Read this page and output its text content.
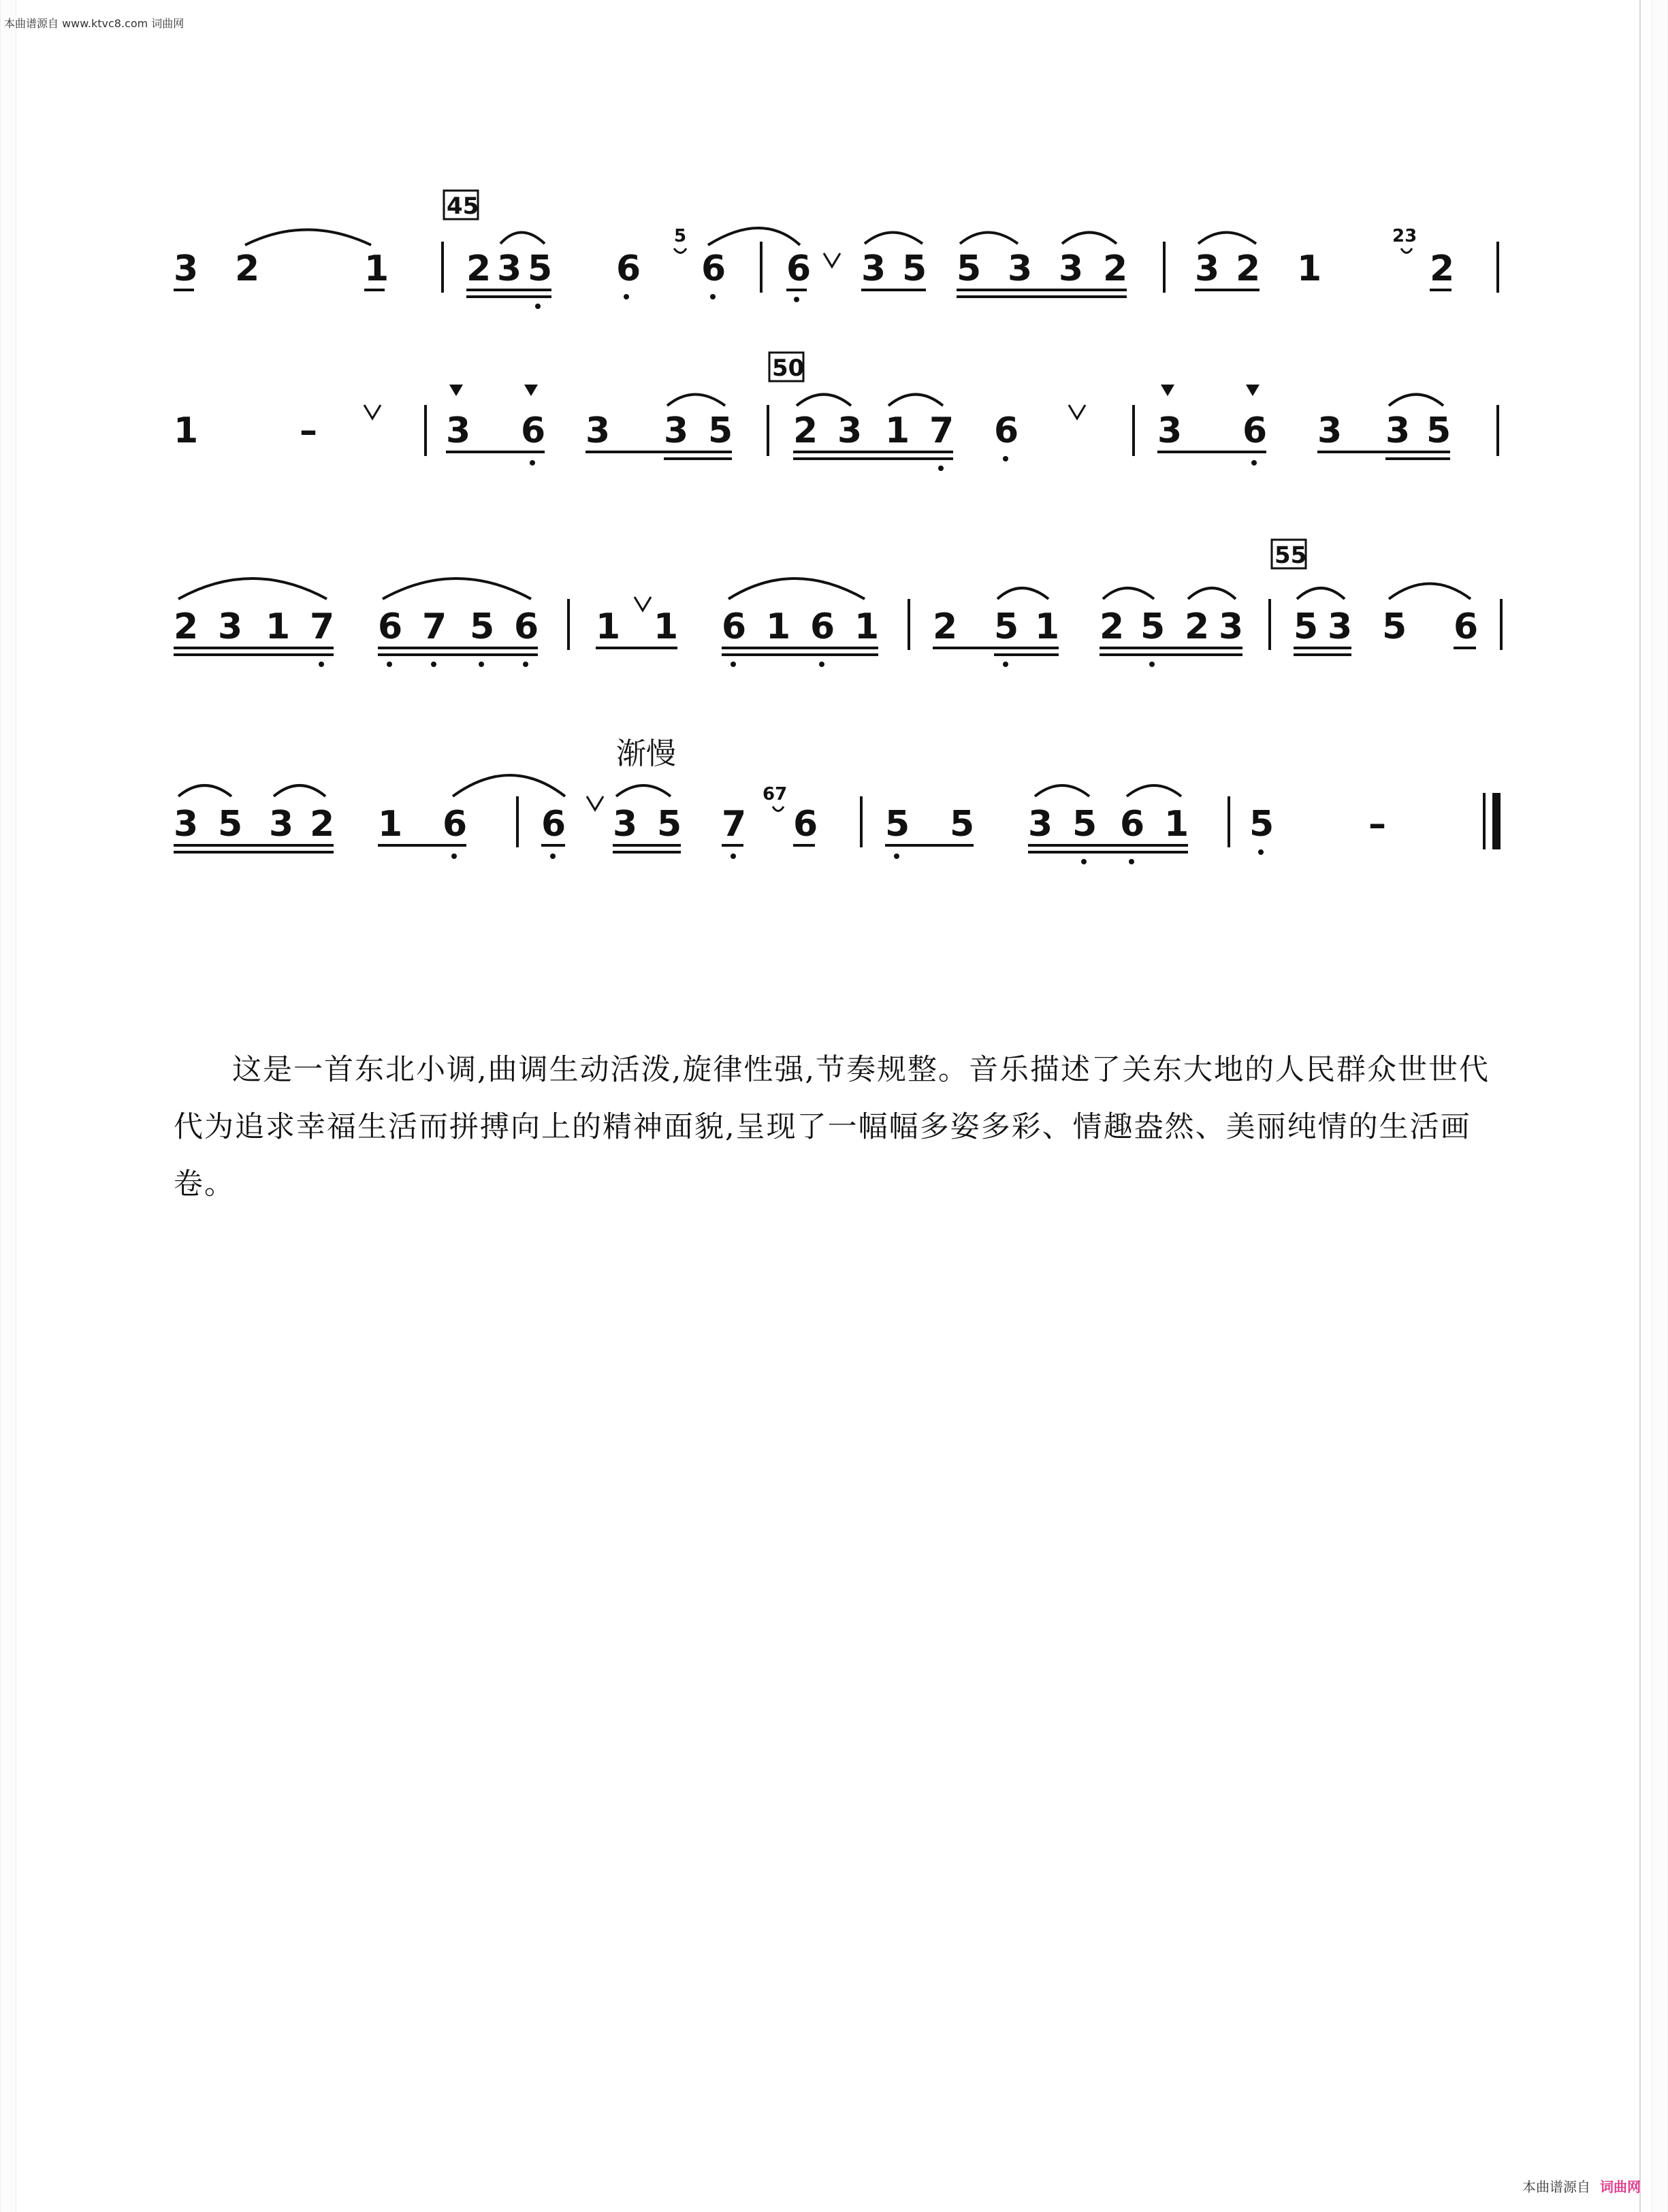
本曲谱源自 www.ktvc8.com 词曲网
3 2	1
45
2 3 5 6
5
6 6 3 5 5 3 3 2 3 2 1
23
2
1	–	3 6 3 3 5
50
2 3 1 7 6	3 6 3 3 5
2 3 1 7 6 7 5 6 1 1 6 1 6 1 2 5 1 2 5 2 3
55
5 3 5 6
3 5 3 2 1 6
渐慢
6 3 5 7
67
6 5 5 3 5 6 1 5	–
这是一首东北小调,曲调生动活泼,旋律性强,节奏规整。音乐描述了关东大地的人民群众世世代代为追求幸福生活而拼搏向上的精神面貌,呈现了一幅幅多姿多彩、情趣盎然、美丽纯情的生活画卷。
本曲谱源自 词曲网
